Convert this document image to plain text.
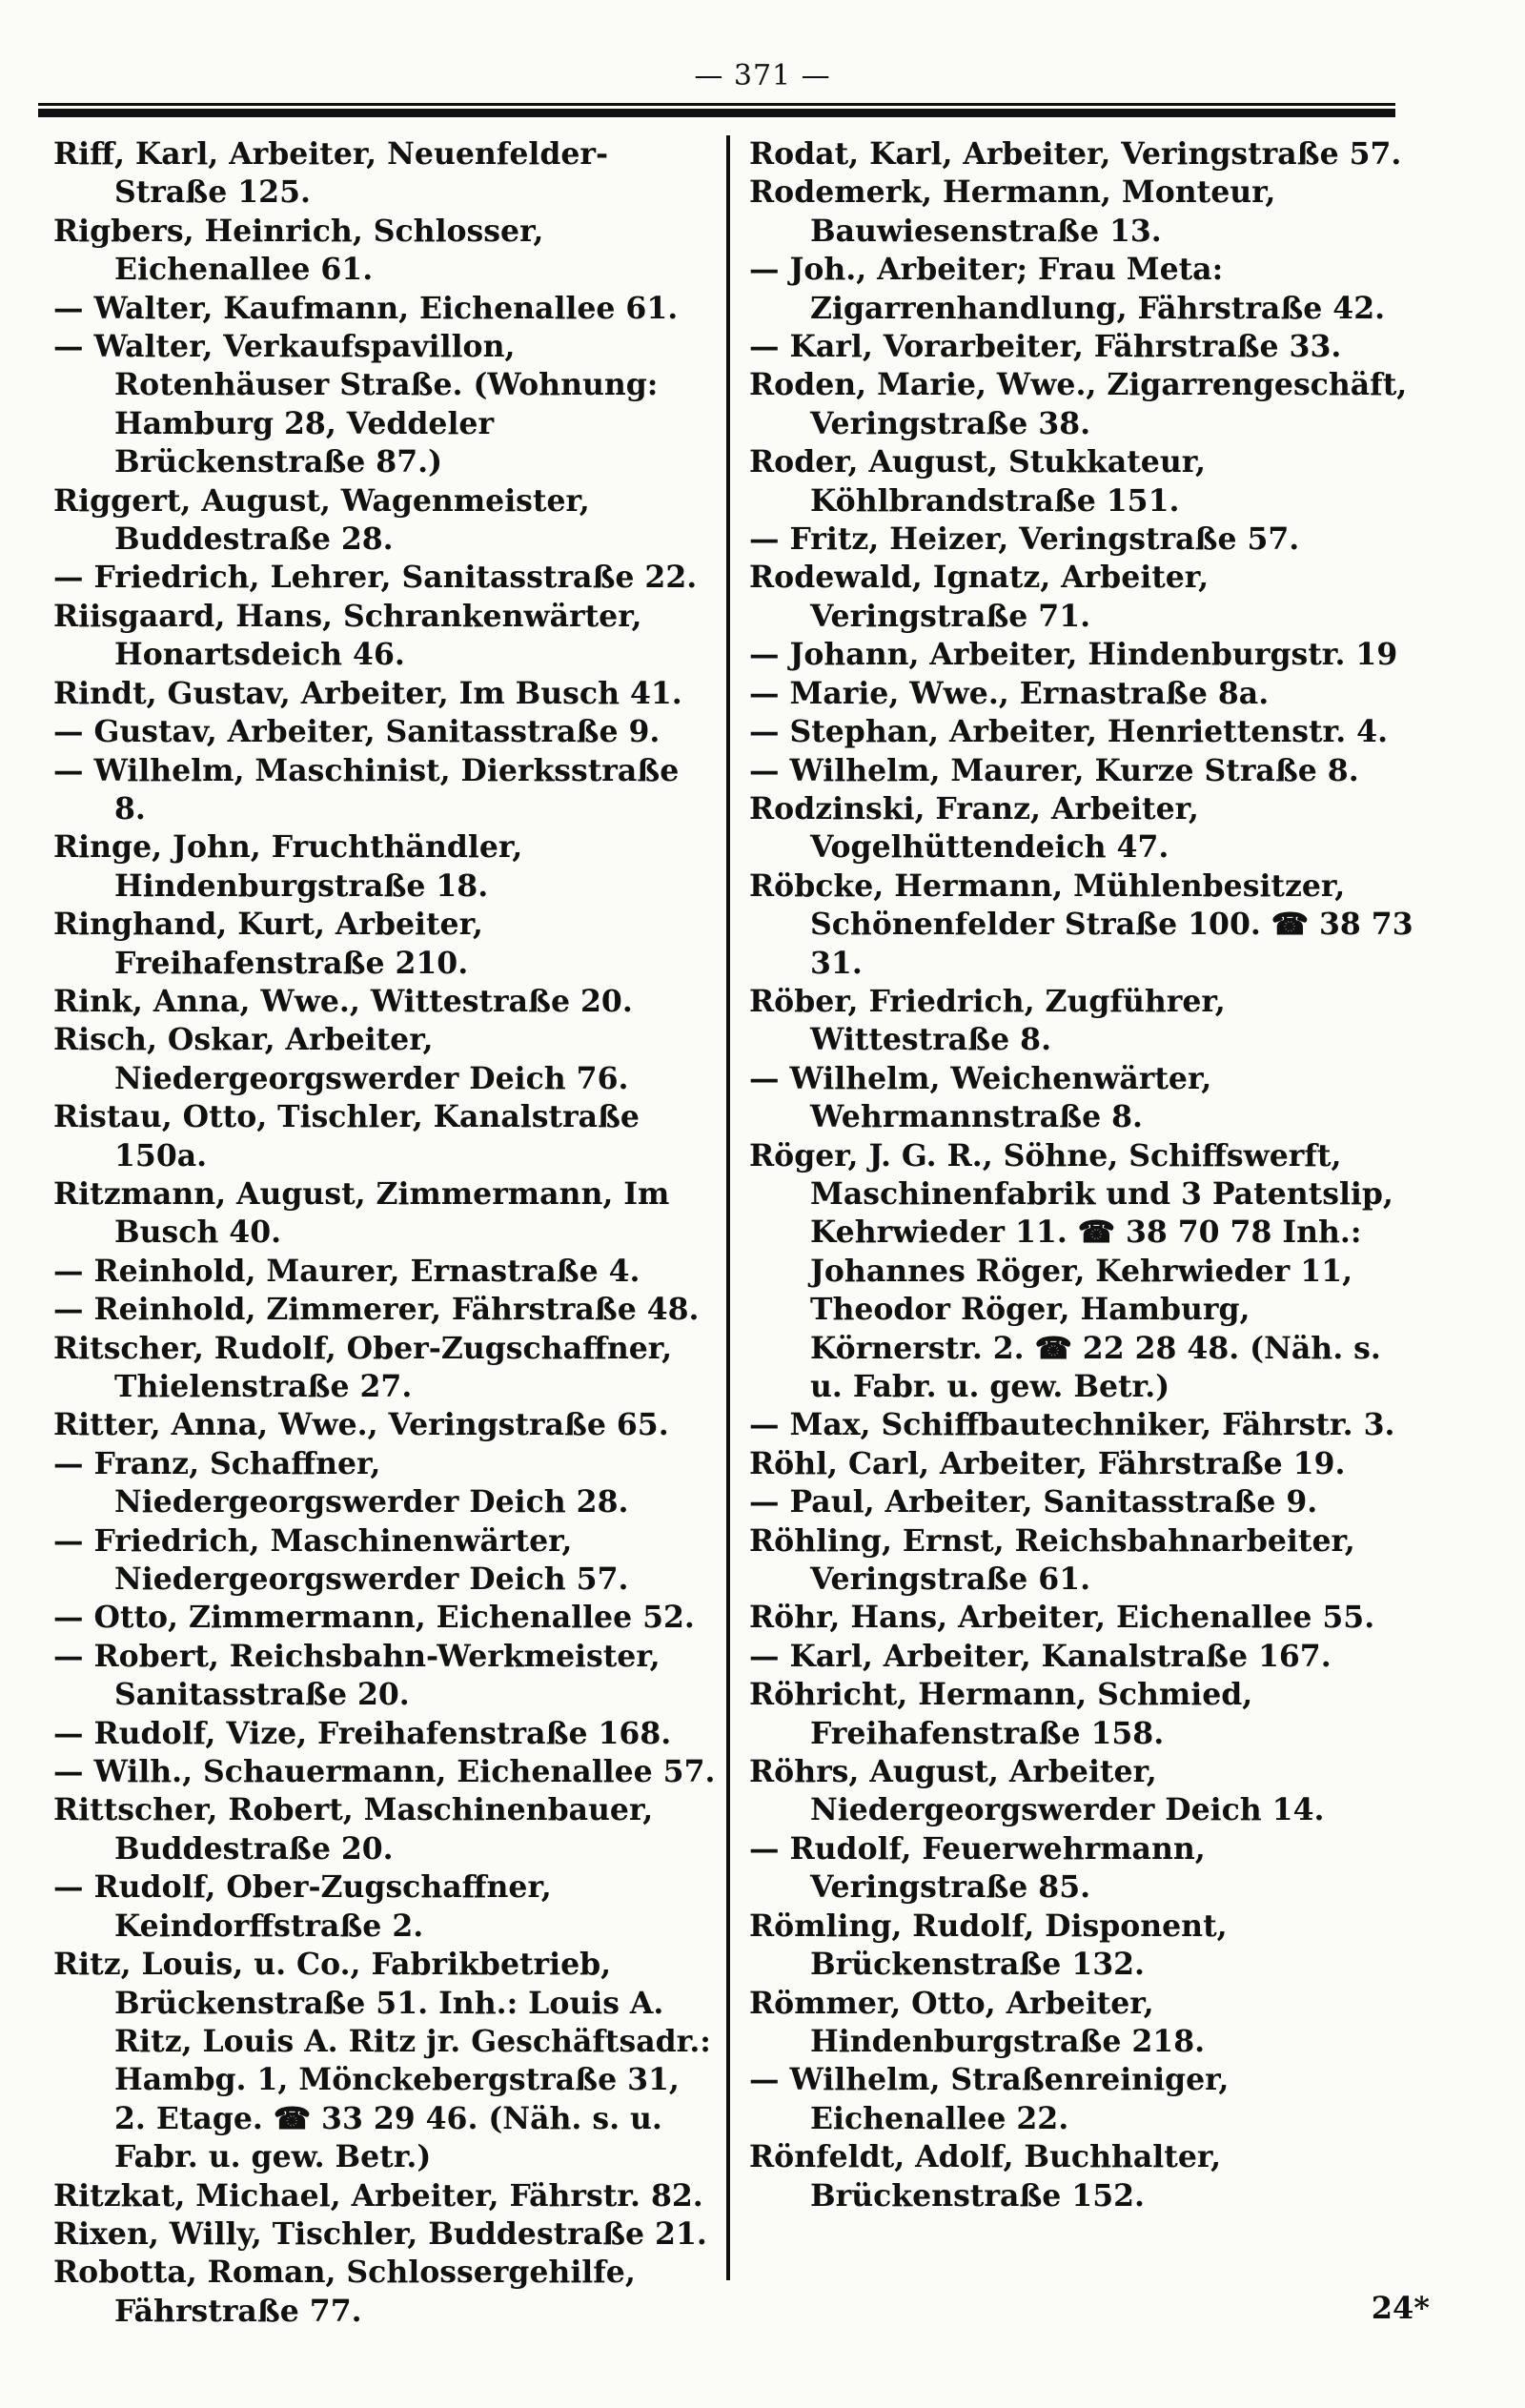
— 371 —

Riff, Karl, Arbeiter, Neuenfelder-Straße 125.

Rigbers, Heinrich, Schlosser, Eichenallee 61.

— Walter, Kaufmann, Eichenallee 61.

— Walter, Verkaufspavillon, Rotenhäuser Straße. (Wohnung: Hamburg 28, Veddeler Brückenstraße 87.)

Riggert, August, Wagenmeister, Buddestraße 28.

— Friedrich, Lehrer, Sanitasstraße 22.

Riisgaard, Hans, Schrankenwärter, Honartsdeich 46.

Rindt, Gustav, Arbeiter, Im Busch 41.

— Gustav, Arbeiter, Sanitasstraße 9.

— Wilhelm, Maschinist, Dierksstraße 8.

Ringe, John, Fruchthändler, Hindenburgstraße 18.

Ringhand, Kurt, Arbeiter, Freihafenstraße 210.

Rink, Anna, Wwe., Wittestraße 20.

Risch, Oskar, Arbeiter, Niedergeorgswerder Deich 76.

Ristau, Otto, Tischler, Kanalstraße 150a.

Ritzmann, August, Zimmermann, Im Busch 40.

— Reinhold, Maurer, Ernastraße 4.

— Reinhold, Zimmerer, Fährstraße 48.

Ritscher, Rudolf, Ober-Zugschaffner, Thielenstraße 27.

Ritter, Anna, Wwe., Veringstraße 65.

— Franz, Schaffner, Niedergeorgswerder Deich 28.

— Friedrich, Maschinenwärter, Niedergeorgswerder Deich 57.

— Otto, Zimmermann, Eichenallee 52.

— Robert, Reichsbahn-Werkmeister, Sanitasstraße 20.

— Rudolf, Vize, Freihafenstraße 168.

— Wilh., Schauermann, Eichenallee 57.

Rittscher, Robert, Maschinenbauer, Buddestraße 20.

— Rudolf, Ober-Zugschaffner, Keindorffstraße 2.

Ritz, Louis, u. Co., Fabrikbetrieb, Brückenstraße 51. Inh.: Louis A. Ritz, Louis A. Ritz jr. Geschäftsadr.: Hambg. 1, Mönckebergstraße 31, 2. Etage. ☎ 33 29 46. (Näh. s. u. Fabr. u. gew. Betr.)

Ritzkat, Michael, Arbeiter, Fährstr. 82.

Rixen, Willy, Tischler, Buddestraße 21.

Robotta, Roman, Schlossergehilfe, Fährstraße 77.

Rodat, Karl, Arbeiter, Veringstraße 57.

Rodemerk, Hermann, Monteur, Bauwiesenstraße 13.

— Joh., Arbeiter; Frau Meta: Zigarrenhandlung, Fährstraße 42.

— Karl, Vorarbeiter, Fährstraße 33.

Roden, Marie, Wwe., Zigarrengeschäft, Veringstraße 38.

Roder, August, Stukkateur, Köhlbrandstraße 151.

— Fritz, Heizer, Veringstraße 57.

Rodewald, Ignatz, Arbeiter, Veringstraße 71.

— Johann, Arbeiter, Hindenburgstr. 19

— Marie, Wwe., Ernastraße 8a.

— Stephan, Arbeiter, Henriettenstr. 4.

— Wilhelm, Maurer, Kurze Straße 8.

Rodzinski, Franz, Arbeiter, Vogelhüttendeich 47.

Röbcke, Hermann, Mühlenbesitzer, Schönenfelder Straße 100. ☎ 38 73 31.

Röber, Friedrich, Zugführer, Wittestraße 8.

— Wilhelm, Weichenwärter, Wehrmannstraße 8.

Röger, J. G. R., Söhne, Schiffswerft, Maschinenfabrik und 3 Patentslip, Kehrwieder 11. ☎ 38 70 78 Inh.: Johannes Röger, Kehrwieder 11, Theodor Röger, Hamburg, Körnerstr. 2. ☎ 22 28 48. (Näh. s. u. Fabr. u. gew. Betr.)

— Max, Schiffbautechniker, Fährstr. 3.

Röhl, Carl, Arbeiter, Fährstraße 19.

— Paul, Arbeiter, Sanitasstraße 9.

Röhling, Ernst, Reichsbahnarbeiter, Veringstraße 61.

Röhr, Hans, Arbeiter, Eichenallee 55.

— Karl, Arbeiter, Kanalstraße 167.

Röhricht, Hermann, Schmied, Freihafenstraße 158.

Röhrs, August, Arbeiter, Niedergeorgswerder Deich 14.

— Rudolf, Feuerwehrmann, Veringstraße 85.

Römling, Rudolf, Disponent, Brückenstraße 132.

Römmer, Otto, Arbeiter, Hindenburgstraße 218.

— Wilhelm, Straßenreiniger, Eichenallee 22.

Rönfeldt, Adolf, Buchhalter, Brückenstraße 152.

24*
